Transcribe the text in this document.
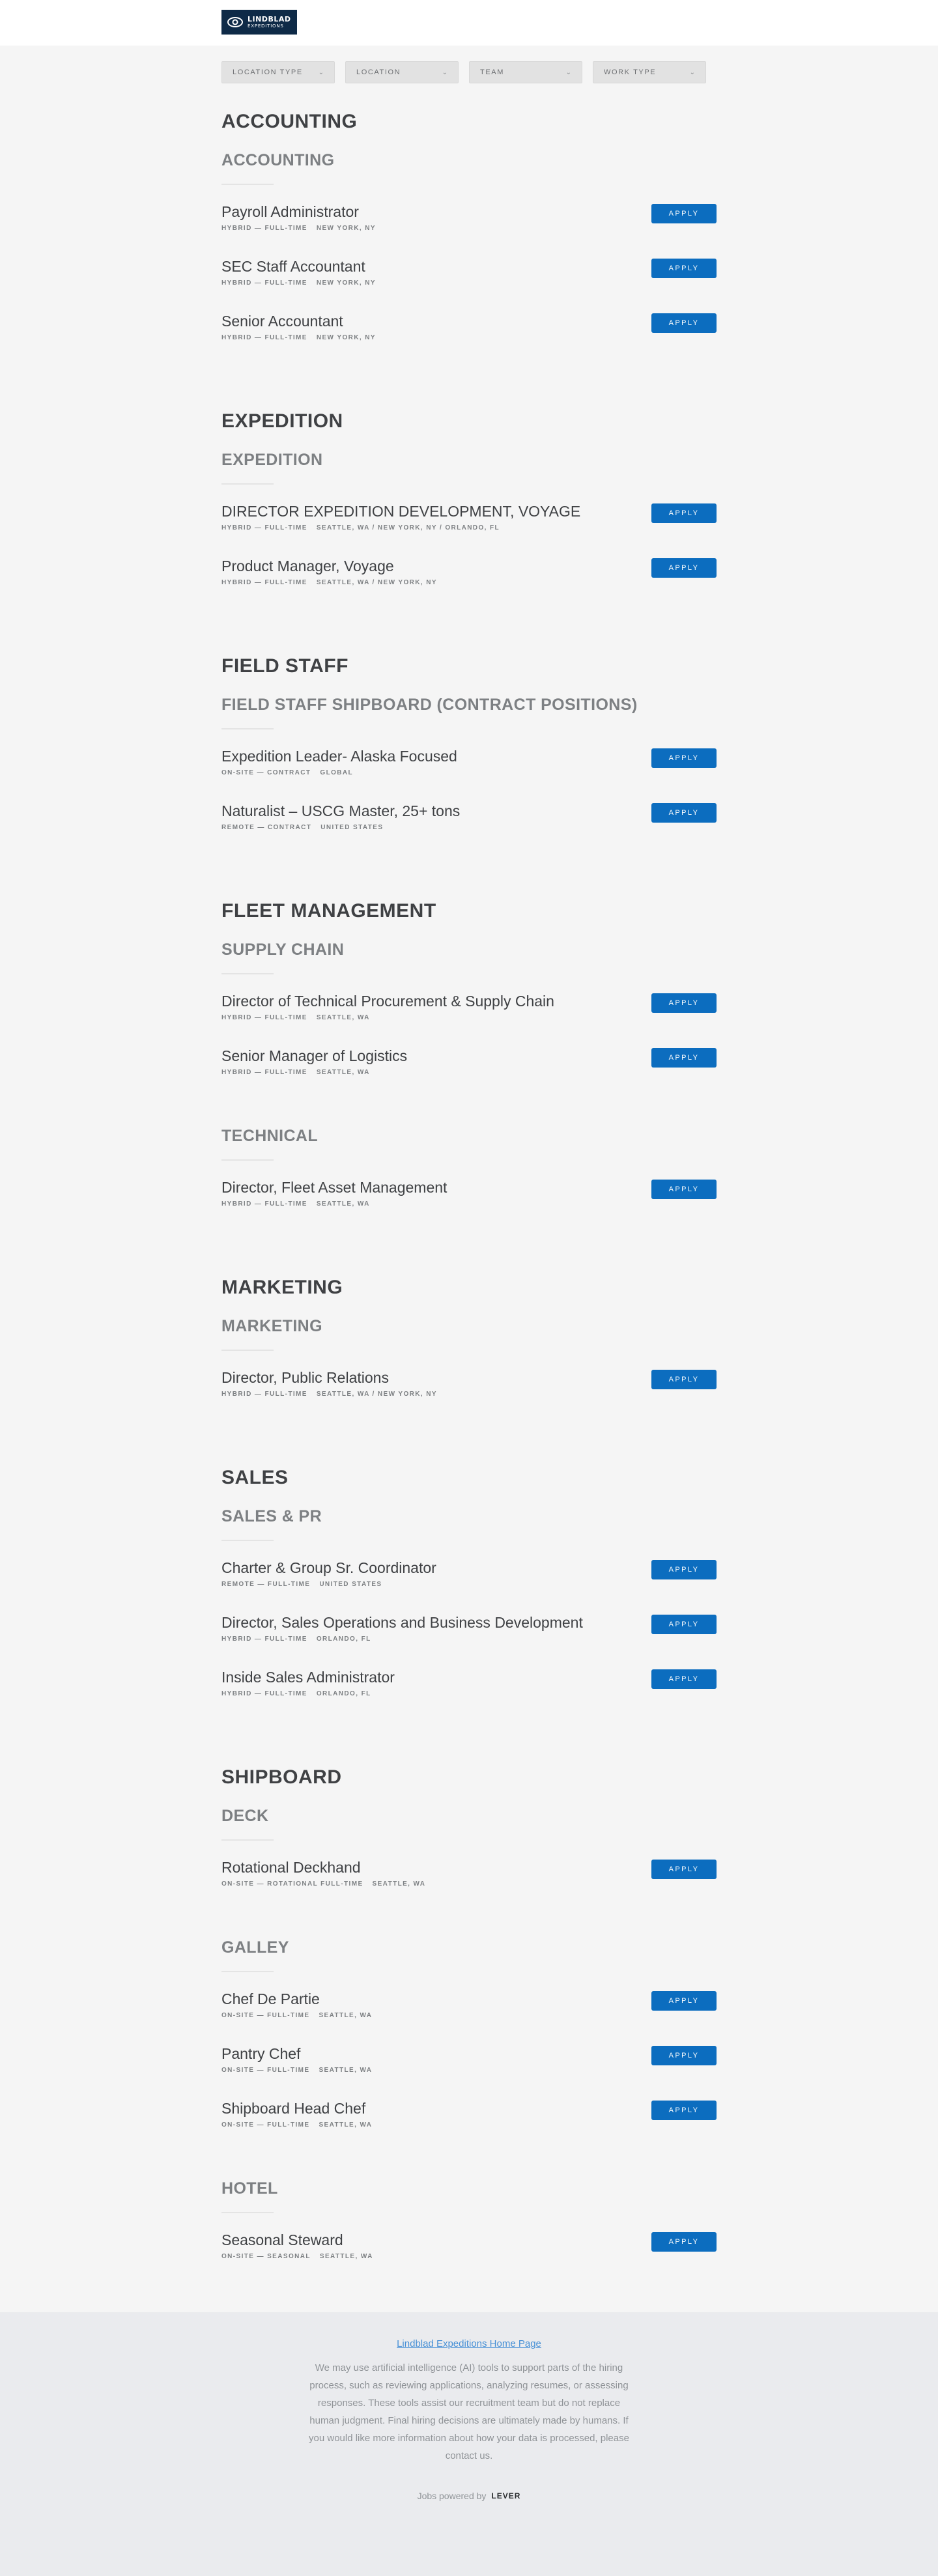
LINDBLAD
EXPEDITIONS
LOCATION TYPE ⌄	LOCATION	⌄	TEAM	⌄	WORK TYPE	⌄
ACCOUNTING
ACCOUNTING
Payroll Administrator
HYBRID — FULL-TIME NEW YORK, NY
APPLY
SEC Staff Accountant
HYBRID — FULL-TIME NEW YORK, NY
APPLY
Senior Accountant
HYBRID — FULL-TIME NEW YORK, NY
APPLY
EXPEDITION
EXPEDITION
DIRECTOR EXPEDITION DEVELOPMENT, VOYAGE
HYBRID — FULL-TIME SEATTLE, WA / NEW YORK, NY / ORLANDO, FL
APPLY
Product Manager, Voyage
HYBRID — FULL-TIME SEATTLE, WA / NEW YORK, NY
APPLY
FIELD STAFF
FIELD STAFF SHIPBOARD (CONTRACT POSITIONS)
Expedition Leader- Alaska Focused
ON-SITE — CONTRACT GLOBAL
APPLY
Naturalist – USCG Master, 25+ tons
REMOTE — CONTRACT UNITED STATES
APPLY
FLEET MANAGEMENT
SUPPLY CHAIN
Director of Technical Procurement & Supply Chain
HYBRID — FULL-TIME SEATTLE, WA
APPLY
Senior Manager of Logistics
HYBRID — FULL-TIME SEATTLE, WA
APPLY
TECHNICAL
Director, Fleet Asset Management
HYBRID — FULL-TIME SEATTLE, WA
APPLY
MARKETING
MARKETING
Director, Public Relations
HYBRID — FULL-TIME SEATTLE, WA / NEW YORK, NY
APPLY
SALES
SALES & PR
Charter & Group Sr. Coordinator
REMOTE — FULL-TIME UNITED STATES
APPLY
Director, Sales Operations and Business Development
HYBRID — FULL-TIME ORLANDO, FL
APPLY
Inside Sales Administrator
HYBRID — FULL-TIME ORLANDO, FL
APPLY
SHIPBOARD
DECK
Rotational Deckhand
ON-SITE — ROTATIONAL FULL-TIME SEATTLE, WA
APPLY
GALLEY
Chef De Partie
ON-SITE — FULL-TIME SEATTLE, WA
APPLY
Pantry Chef
ON-SITE — FULL-TIME SEATTLE, WA
APPLY
Shipboard Head Chef
ON-SITE — FULL-TIME SEATTLE, WA
APPLY
HOTEL
Seasonal Steward
ON-SITE — SEASONAL SEATTLE, WA
APPLY
Lindblad Expeditions Home Page

We may use artificial intelligence (AI) tools to support parts of the hiring process, such as reviewing applications, analyzing resumes, or assessing responses. These tools assist our recruitment team but do not replace human judgment. Final hiring decisions are ultimately made by humans. If you would like more information about how your data is processed, please contact us.

Jobs powered by LEVER
